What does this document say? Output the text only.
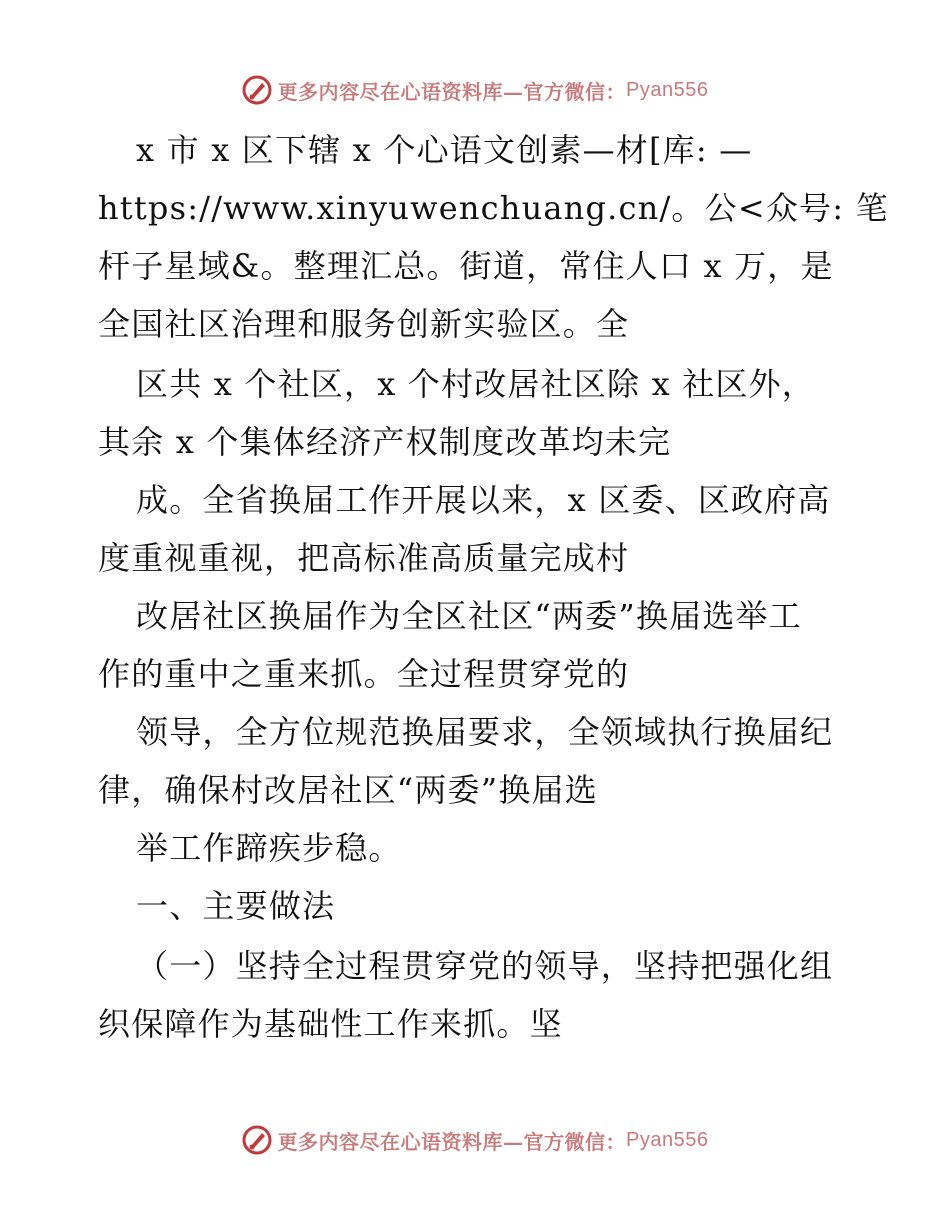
更多内容尽在心语资料库—官方微信： Pyan556
x 市 x 区下辖 x 个心语文创素—材[库: —
https://www.xinyuwenchuang.cn/。公<众号: 笔
杆子星域&。整理汇总。街道，常住人口 x 万，是
全国社区治理和服务创新实验区。全
区共 x 个社区，x 个村改居社区除 x 社区外，
其余 x 个集体经济产权制度改革均未完
成。全省换届工作开展以来，x 区委、区政府高
度重视重视，把高标准高质量完成村
改居社区换届作为全区社区“两委”换届选举工
作的重中之重来抓。全过程贯穿党的
领导，全方位规范换届要求，全领域执行换届纪
律，确保村改居社区“两委”换届选
举工作蹄疾步稳。
一、主要做法
（一）坚持全过程贯穿党的领导，坚持把强化组
织保障作为基础性工作来抓。坚
更多内容尽在心语资料库—官方微信： Pyan556
